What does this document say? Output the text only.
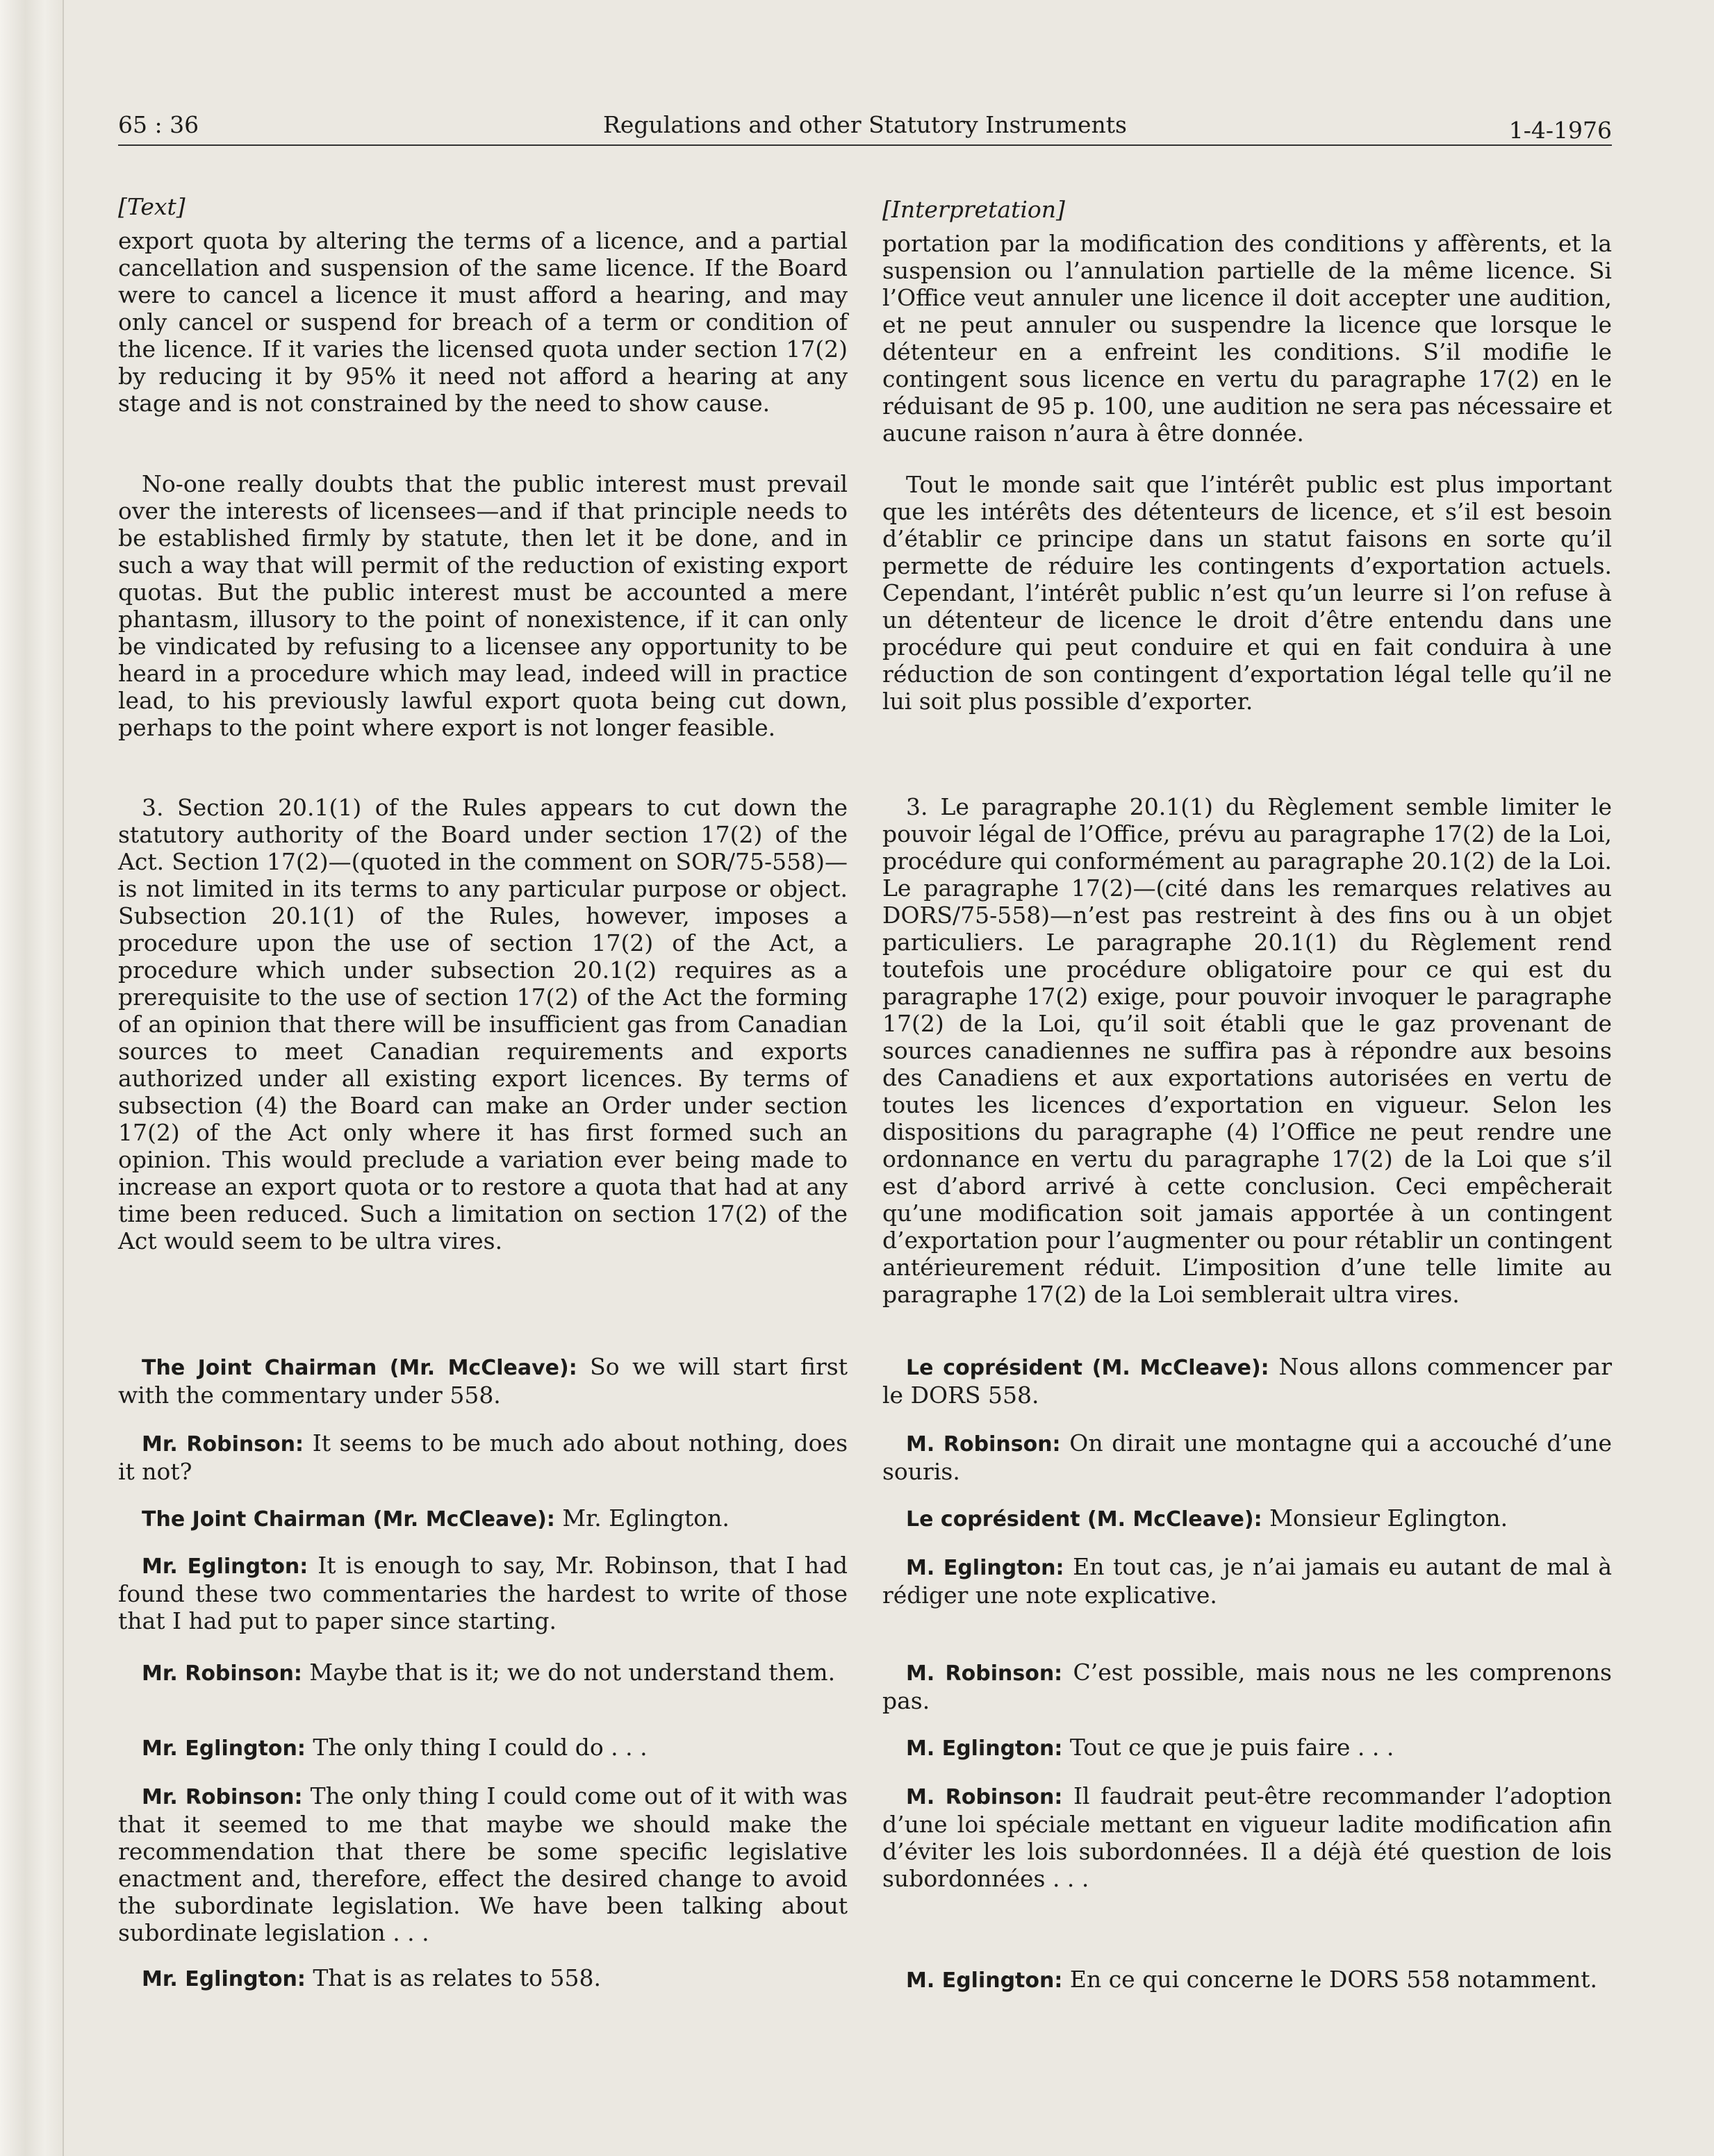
65 : 36	Regulations and other Statutory Instruments	1-4-1976

[Text]

export quota by altering the terms of a licence, and a partial cancellation and suspension of the same licence. If the Board were to cancel a licence it must afford a hearing, and may only cancel or suspend for breach of a term or condition of the licence. If it varies the licensed quota under section 17(2) by reducing it by 95% it need not afford a hearing at any stage and is not constrained by the need to show cause.

No-one really doubts that the public interest must prevail over the interests of licensees—and if that principle needs to be established firmly by statute, then let it be done, and in such a way that will permit of the reduction of existing export quotas. But the public interest must be accounted a mere phantasm, illusory to the point of nonexistence, if it can only be vindicated by refusing to a licensee any opportunity to be heard in a procedure which may lead, indeed will in practice lead, to his previously lawful export quota being cut down, perhaps to the point where export is not longer feasible.

3. Section 20.1(1) of the Rules appears to cut down the statutory authority of the Board under section 17(2) of the Act. Section 17(2)—(quoted in the comment on SOR/75-558)—is not limited in its terms to any particular purpose or object. Subsection 20.1(1) of the Rules, however, imposes a procedure upon the use of section 17(2) of the Act, a procedure which under subsection 20.1(2) requires as a prerequisite to the use of section 17(2) of the Act the forming of an opinion that there will be insufficient gas from Canadian sources to meet Canadian requirements and exports authorized under all existing export licences. By terms of subsection (4) the Board can make an Order under section 17(2) of the Act only where it has first formed such an opinion. This would preclude a variation ever being made to increase an export quota or to restore a quota that had at any time been reduced. Such a limitation on section 17(2) of the Act would seem to be ultra vires.

The Joint Chairman (Mr. McCleave): So we will start first with the commentary under 558.

Mr. Robinson: It seems to be much ado about nothing, does it not?

The Joint Chairman (Mr. McCleave): Mr. Eglington.

Mr. Eglington: It is enough to say, Mr. Robinson, that I had found these two commentaries the hardest to write of those that I had put to paper since starting.

Mr. Robinson: Maybe that is it; we do not understand them.

Mr. Eglington: The only thing I could do . . .

Mr. Robinson: The only thing I could come out of it with was that it seemed to me that maybe we should make the recommendation that there be some specific legislative enactment and, therefore, effect the desired change to avoid the subordinate legislation. We have been talking about subordinate legislation . . .

Mr. Eglington: That is as relates to 558.

[Interpretation]

portation par la modification des conditions y affèrents, et la suspension ou l’annulation partielle de la même licence. Si l’Office veut annuler une licence il doit accepter une audition, et ne peut annuler ou suspendre la licence que lorsque le détenteur en a enfreint les conditions. S’il modifie le contingent sous licence en vertu du paragraphe 17(2) en le réduisant de 95 p. 100, une audition ne sera pas nécessaire et aucune raison n’aura à être donnée.

Tout le monde sait que l’intérêt public est plus important que les intérêts des détenteurs de licence, et s’il est besoin d’établir ce principe dans un statut faisons en sorte qu’il permette de réduire les contingents d’exportation actuels. Cependant, l’intérêt public n’est qu’un leurre si l’on refuse à un détenteur de licence le droit d’être entendu dans une procédure qui peut conduire et qui en fait conduira à une réduction de son contingent d’exportation légal telle qu’il ne lui soit plus possible d’exporter.

3. Le paragraphe 20.1(1) du Règlement semble limiter le pouvoir légal de l’Office, prévu au paragraphe 17(2) de la Loi, procédure qui conformément au paragraphe 20.1(2) de la Loi. Le paragraphe 17(2)—(cité dans les remarques relatives au DORS/75-558)—n’est pas restreint à des fins ou à un objet particuliers. Le paragraphe 20.1(1) du Règlement rend toutefois une procédure obligatoire pour ce qui est du paragraphe 17(2) exige, pour pouvoir invoquer le paragraphe 17(2) de la Loi, qu’il soit établi que le gaz provenant de sources canadiennes ne suffira pas à répondre aux besoins des Canadiens et aux exportations autorisées en vertu de toutes les licences d’exportation en vigueur. Selon les dispositions du paragraphe (4) l’Office ne peut rendre une ordonnance en vertu du paragraphe 17(2) de la Loi que s’il est d’abord arrivé à cette conclusion. Ceci empêcherait qu’une modification soit jamais apportée à un contingent d’exportation pour l’augmenter ou pour rétablir un contingent antérieurement réduit. L’imposition d’une telle limite au paragraphe 17(2) de la Loi semblerait ultra vires.

Le coprésident (M. McCleave): Nous allons commencer par le DORS 558.

M. Robinson: On dirait une montagne qui a accouché d’une souris.

Le coprésident (M. McCleave): Monsieur Eglington.

M. Eglington: En tout cas, je n’ai jamais eu autant de mal à rédiger une note explicative.

M. Robinson: C’est possible, mais nous ne les comprenons pas.

M. Eglington: Tout ce que je puis faire . . .

M. Robinson: Il faudrait peut-être recommander l’adoption d’une loi spéciale mettant en vigueur ladite modification afin d’éviter les lois subordonnées. Il a déjà été question de lois subordonnées . . .

M. Eglington: En ce qui concerne le DORS 558 notamment.
